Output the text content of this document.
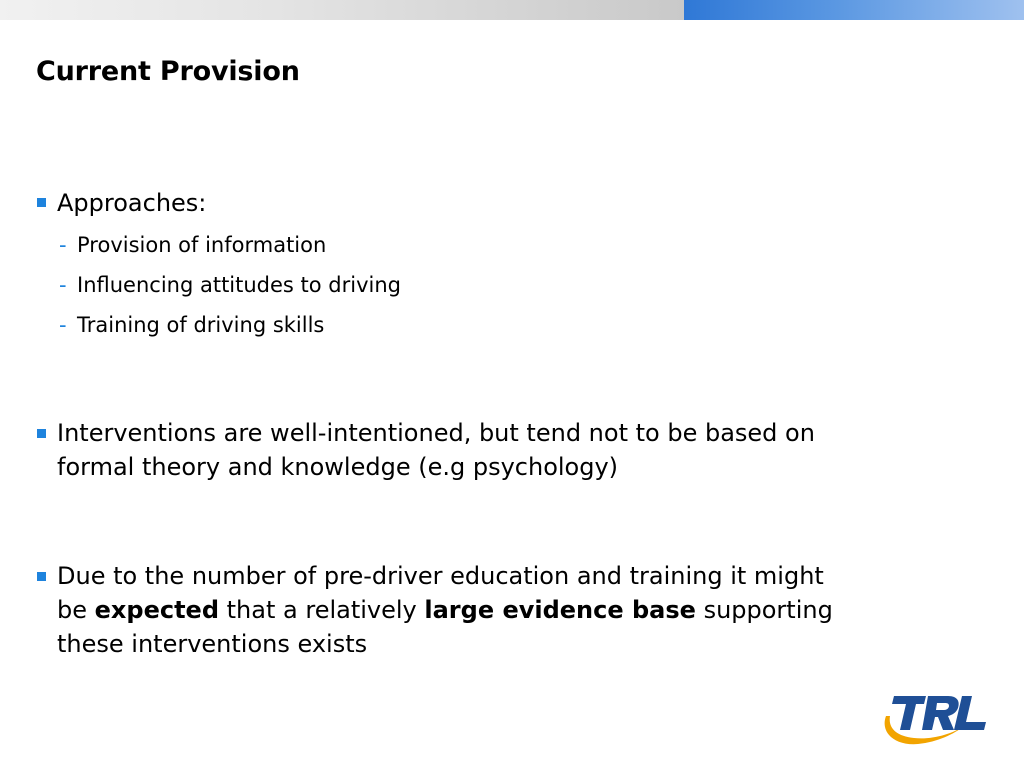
Current Provision
Approaches:
- Provision of information
- Influencing attitudes to driving
- Training of driving skills
Interventions are well-intentioned, but tend not to be based on
formal theory and knowledge (e.g psychology)
Due to the number of pre-driver education and training it might
be expected that a relatively large evidence base supporting
these interventions exists
